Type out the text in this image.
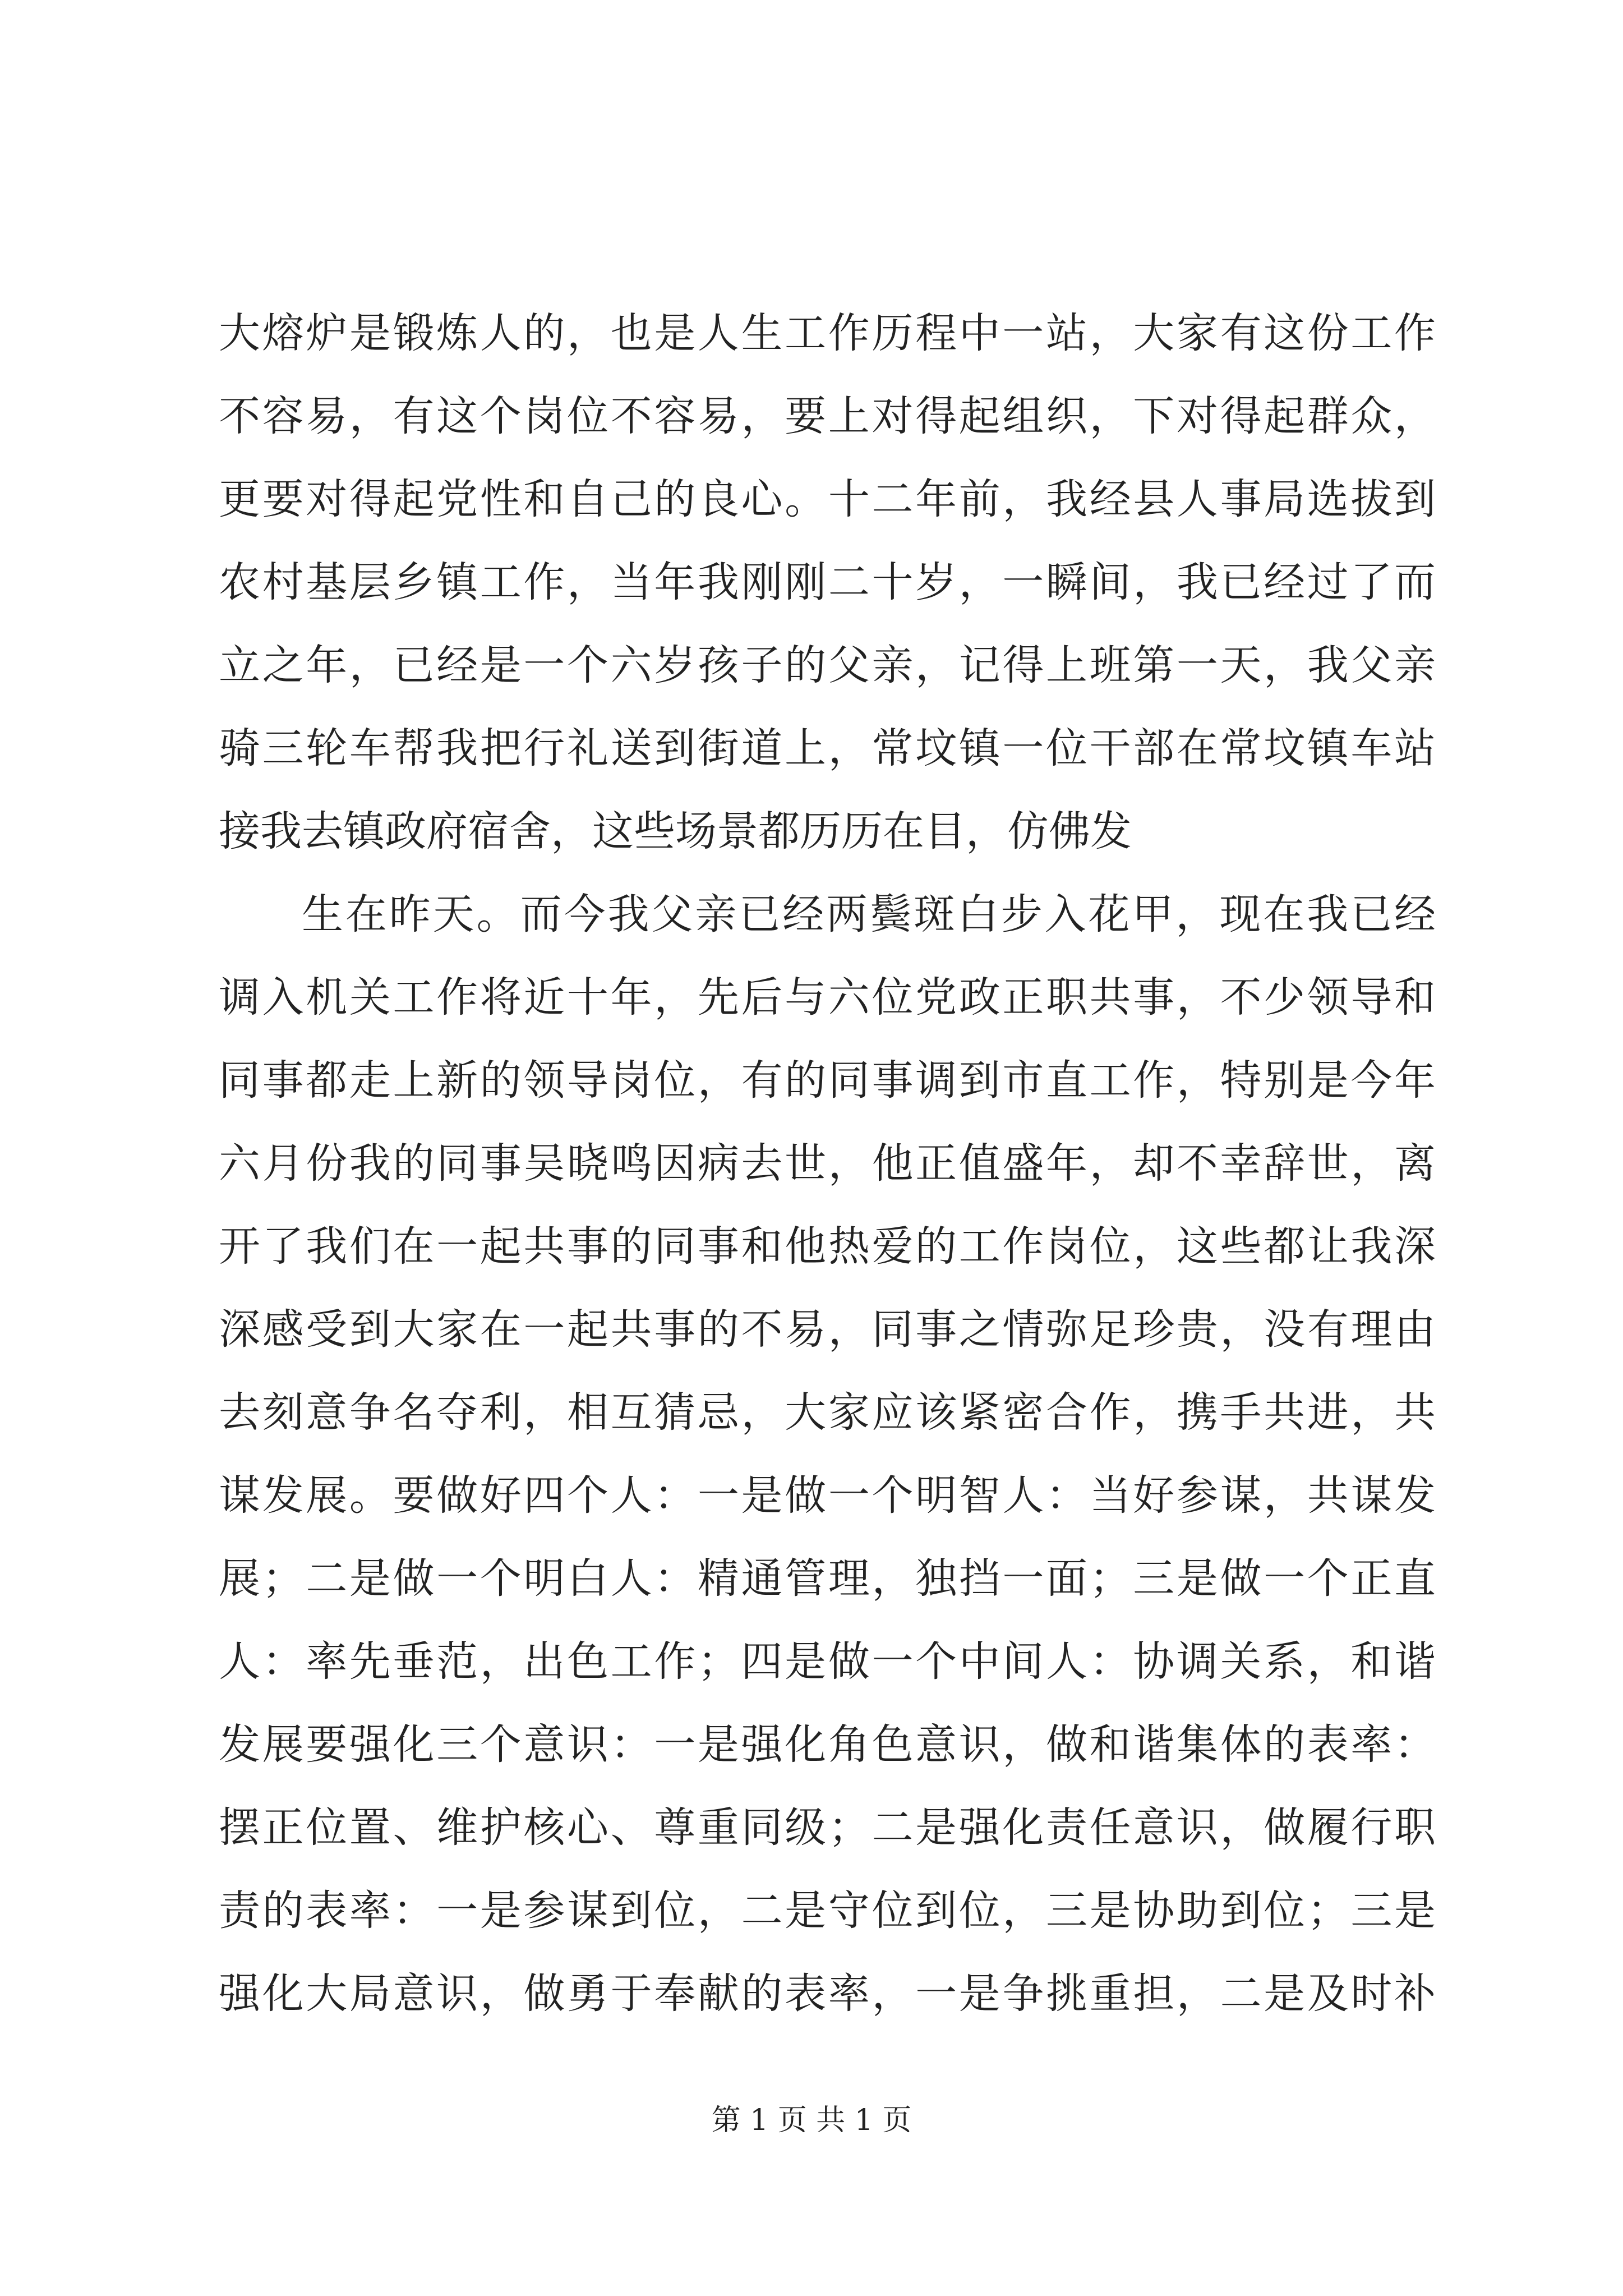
大熔炉是锻炼人的，也是人生工作历程中一站，大家有这份工作
不容易，有这个岗位不容易，要上对得起组织，下对得起群众，
更要对得起党性和自己的良心。十二年前，我经县人事局选拔到
农村基层乡镇工作，当年我刚刚二十岁，一瞬间，我已经过了而
立之年，已经是一个六岁孩子的父亲，记得上班第一天，我父亲
骑三轮车帮我把行礼送到街道上，常坟镇一位干部在常坟镇车站
接我去镇政府宿舍，这些场景都历历在目，仿佛发
生在昨天。而今我父亲已经两鬓斑白步入花甲，现在我已经
调入机关工作将近十年，先后与六位党政正职共事，不少领导和
同事都走上新的领导岗位，有的同事调到市直工作，特别是今年
六月份我的同事吴晓鸣因病去世，他正值盛年，却不幸辞世，离
开了我们在一起共事的同事和他热爱的工作岗位，这些都让我深
深感受到大家在一起共事的不易，同事之情弥足珍贵，没有理由
去刻意争名夺利，相互猜忌，大家应该紧密合作，携手共进，共
谋发展。要做好四个人：一是做一个明智人：当好参谋，共谋发
展；二是做一个明白人：精通管理，独挡一面；三是做一个正直
人：率先垂范，出色工作；四是做一个中间人：协调关系，和谐
发展要强化三个意识：一是强化角色意识，做和谐集体的表率：
摆正位置、维护核心、尊重同级；二是强化责任意识，做履行职
责的表率：一是参谋到位，二是守位到位，三是协助到位；三是
强化大局意识，做勇于奉献的表率，一是争挑重担，二是及时补
第 1 页 共 1 页
